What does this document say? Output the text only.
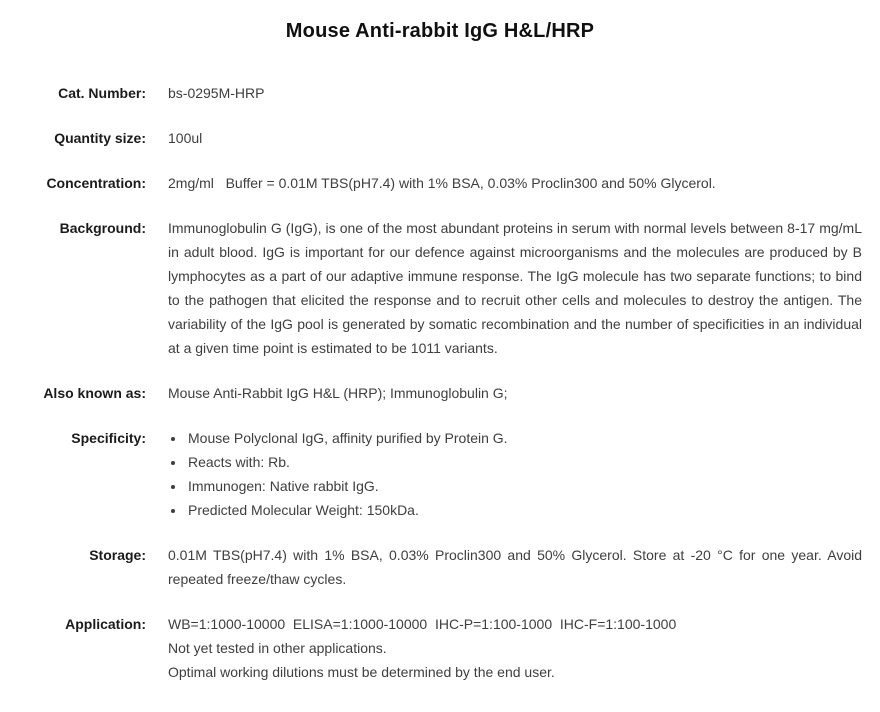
Mouse Anti-rabbit IgG H&L/HRP
Cat. Number: bs-0295M-HRP
Quantity size: 100ul
Concentration: 2mg/ml   Buffer = 0.01M TBS(pH7.4) with 1% BSA, 0.03% Proclin300 and 50% Glycerol.
Background: Immunoglobulin G (IgG), is one of the most abundant proteins in serum with normal levels between 8-17 mg/mL in adult blood. IgG is important for our defence against microorganisms and the molecules are produced by B lymphocytes as a part of our adaptive immune response. The IgG molecule has two separate functions; to bind to the pathogen that elicited the response and to recruit other cells and molecules to destroy the antigen. The variability of the IgG pool is generated by somatic recombination and the number of specificities in an individual at a given time point is estimated to be 1011 variants.
Also known as: Mouse Anti-Rabbit IgG H&L (HRP); Immunoglobulin G;
Specificity:	• Mouse Polyclonal IgG, affinity purified by Protein G.
• Reacts with: Rb.
• Immunogen: Native rabbit IgG.
• Predicted Molecular Weight: 150kDa.
Storage: 0.01M TBS(pH7.4) with 1% BSA, 0.03% Proclin300 and 50% Glycerol. Store at -20 °C for one year. Avoid repeated freeze/thaw cycles.
Application: WB=1:1000-10000  ELISA=1:1000-10000  IHC-P=1:100-1000  IHC-F=1:100-1000
Not yet tested in other applications.
Optimal working dilutions must be determined by the end user.
